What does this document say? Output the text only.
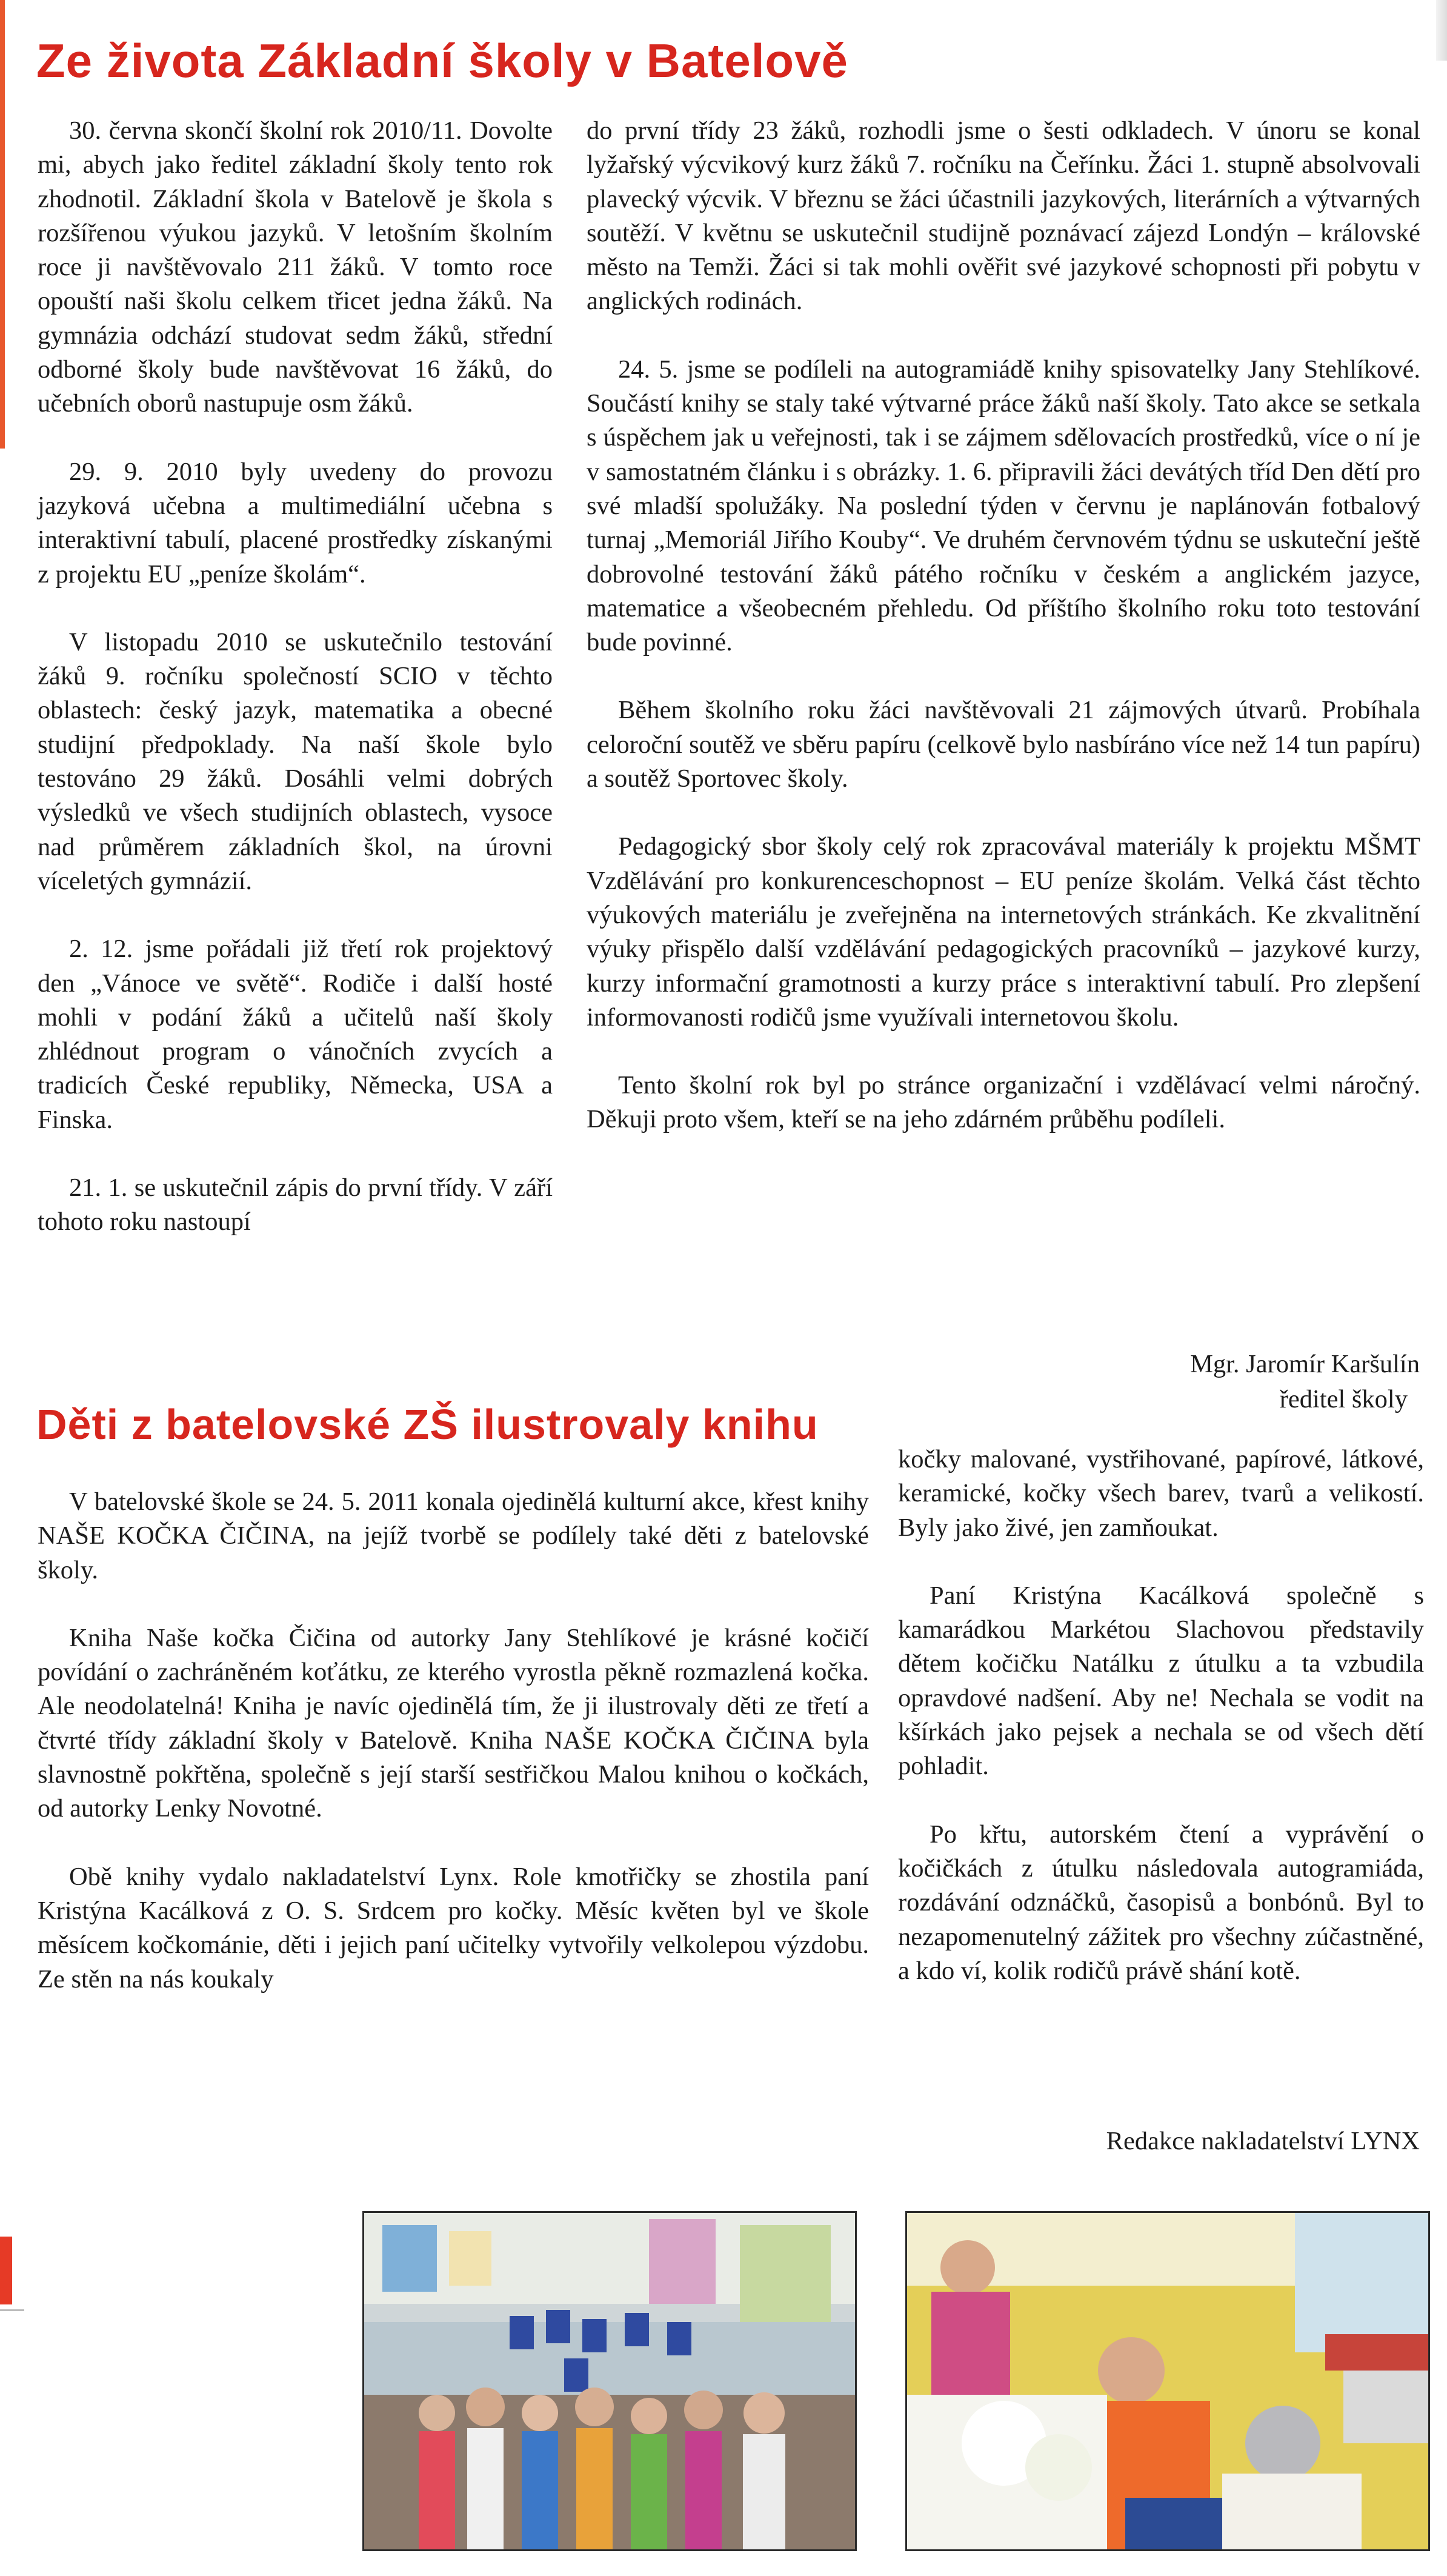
Ze života Základní školy v Batelově

30. června skončí školní rok 2010/11. Dovolte mi, abych jako ředitel základní školy tento rok zhodnotil. Základní škola v Batelově je škola s rozšířenou výukou jazyků. V letošním školním roce ji navštěvovalo 211 žáků. V tomto roce opouští naši školu celkem třicet jedna žáků. Na gymnázia odchází studovat sedm žáků, střední odborné školy bude navštěvovat 16 žáků, do učebních oborů nastupuje osm žáků.

29. 9. 2010 byly uvedeny do provozu jazyková učebna a multimediální učebna s interaktivní tabulí, placené prostředky získanými z projektu EU „peníze školám“.

V listopadu 2010 se uskutečnilo testování žáků 9. ročníku společností SCIO v těchto oblastech: český jazyk, matematika a obecné studijní předpoklady. Na naší škole bylo testováno 29 žáků. Dosáhli velmi dobrých výsledků ve všech studijních oblastech, vysoce nad průměrem základních škol, na úrovni víceletých gymnázií.

2. 12. jsme pořádali již třetí rok projektový den „Vánoce ve světě“. Rodiče i další hosté mohli v podání žáků a učitelů naší školy zhlédnout program o vánočních zvycích a tradicích České republiky, Německa, USA a Finska.

21. 1. se uskutečnil zápis do první třídy. V září tohoto roku nastoupí

do první třídy 23 žáků, rozhodli jsme o šesti odkladech. V únoru se konal lyžařský výcvikový kurz žáků 7. ročníku na Čeřínku. Žáci 1. stupně absolvovali plavecký výcvik. V březnu se žáci účastnili jazykových, literárních a výtvarných soutěží. V květnu se uskutečnil studijně poznávací zájezd Londýn – královské město na Temži. Žáci si tak mohli ověřit své jazykové schopnosti při pobytu v anglických rodinách.

24. 5. jsme se podíleli na autogramiádě knihy spisovatelky Jany Stehlíkové. Součástí knihy se staly také výtvarné práce žáků naší školy. Tato akce se setkala s úspěchem jak u veřejnosti, tak i se zájmem sdělovacích prostředků, více o ní je v samostatném článku i s obrázky. 1. 6. připravili žáci devátých tříd Den dětí pro své mladší spolužáky. Na poslední týden v červnu je naplánován fotbalový turnaj „Memoriál Jiřího Kouby“. Ve druhém červnovém týdnu se uskuteční ještě dobrovolné testování žáků pátého ročníku v českém a anglickém jazyce, matematice a všeobecném přehledu. Od příštího školního roku toto testování bude povinné.

Během školního roku žáci navštěvovali 21 zájmových útvarů. Probíhala celoroční soutěž ve sběru papíru (celkově bylo nasbíráno více než 14 tun papíru) a soutěž Sportovec školy.

Pedagogický sbor školy celý rok zpracovával materiály k projektu MŠMT Vzdělávání pro konkurenceschopnost – EU peníze školám. Velká část těchto výukových materiálu je zveřejněna na internetových stránkách. Ke zkvalitnění výuky přispělo další vzdělávání pedagogických pracovníků – jazykové kurzy, kurzy informační gramotnosti a kurzy práce s interaktivní tabulí. Pro zlepšení informovanosti rodičů jsme využívali internetovou školu.

Tento školní rok byl po stránce organizační i vzdělávací velmi náročný. Děkuji proto všem, kteří se na jeho zdárném průběhu podíleli.

Mgr. Jaromír Karšulín
ředitel školy
Děti z batelovské ZŠ ilustrovaly knihu

V batelovské škole se 24. 5. 2011 konala ojedinělá kulturní akce, křest knihy NAŠE KOČKA ČIČINA, na jejíž tvorbě se podílely také děti z batelovské školy.

Kniha Naše kočka Čičina od autorky Jany Stehlíkové je krásné kočičí povídání o zachráněném koťátku, ze kterého vyrostla pěkně rozmazlená kočka. Ale neodolatelná! Kniha je navíc ojedinělá tím, že ji ilustrovaly děti ze třetí a čtvrté třídy základní školy v Batelově. Kniha NAŠE KOČKA ČIČINA byla slavnostně pokřtěna, společně s její starší sestřičkou Malou knihou o kočkách, od autorky Lenky Novotné.

Obě knihy vydalo nakladatelství Lynx. Role kmotřičky se zhostila paní Kristýna Kacálková z O. S. Srdcem pro kočky. Měsíc květen byl ve škole měsícem kočkománie, děti i jejich paní učitelky vytvořily velkolepou výzdobu. Ze stěn na nás koukaly

kočky malované, vystřihované, papírové, látkové, keramické, kočky všech barev, tvarů a velikostí. Byly jako živé, jen zamňoukat.

Paní Kristýna Kacálková společně s kamarádkou Markétou Slachovou představily dětem kočičku Natálku z útulku a ta vzbudila opravdové nadšení. Aby ne! Nechala se vodit na kšírkách jako pejsek a nechala se od všech dětí pohladit.

Po křtu, autorském čtení a vyprávění o kočičkách z útulku následovala autogramiáda, rozdávání odznáčků, časopisů a bonbónů. Byl to nezapomenutelný zážitek pro všechny zúčastněné, a kdo ví, kolik rodičů právě shání kotě.

Redakce nakladatelství LYNX
